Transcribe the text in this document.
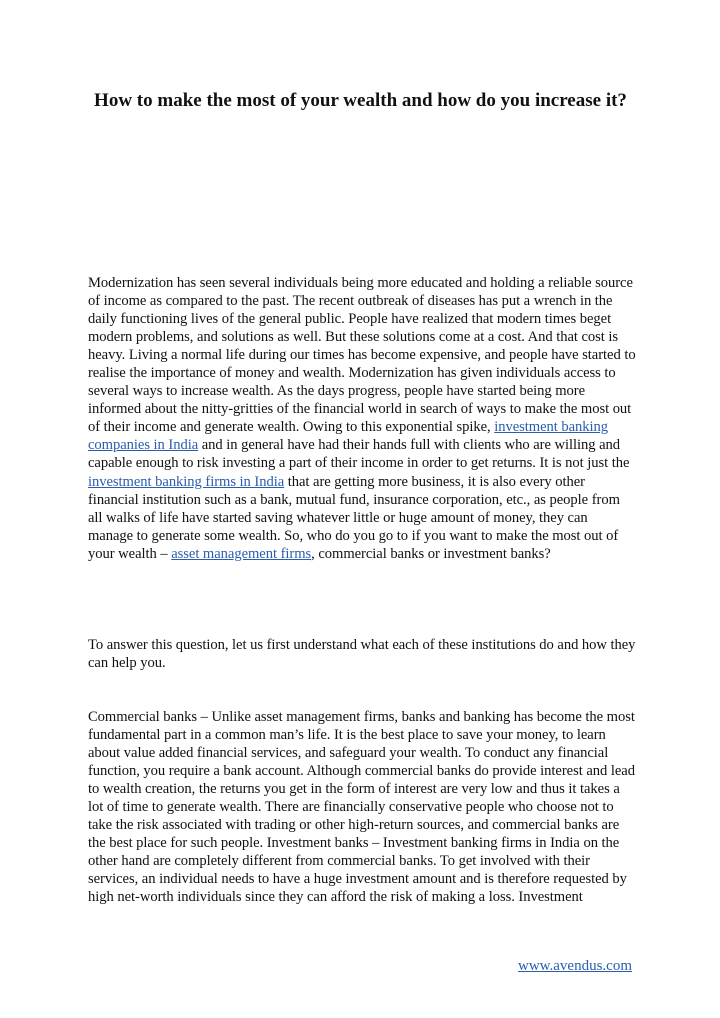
How to make the most of your wealth and how do you increase it?

Modernization has seen several individuals being more educated and holding a reliable source of income as compared to the past. The recent outbreak of diseases has put a wrench in the daily functioning lives of the general public. People have realized that modern times beget modern problems, and solutions as well. But these solutions come at a cost. And that cost is heavy. Living a normal life during our times has become expensive, and people have started to realise the importance of money and wealth. Modernization has given individuals access to several ways to increase wealth. As the days progress, people have started being more informed about the nitty-gritties of the financial world in search of ways to make the most out of their income and generate wealth. Owing to this exponential spike, investment banking companies in India and in general have had their hands full with clients who are willing and capable enough to risk investing a part of their income in order to get returns. It is not just the investment banking firms in India that are getting more business, it is also every other financial institution such as a bank, mutual fund, insurance corporation, etc., as people from all walks of life have started saving whatever little or huge amount of money, they can manage to generate some wealth. So, who do you go to if you want to make the most out of your wealth – asset management firms, commercial banks or investment banks?

To answer this question, let us first understand what each of these institutions do and how they can help you.

Commercial banks – Unlike asset management firms, banks and banking has become the most fundamental part in a common man’s life. It is the best place to save your money, to learn about value added financial services, and safeguard your wealth. To conduct any financial function, you require a bank account. Although commercial banks do provide interest and lead to wealth creation, the returns you get in the form of interest are very low and thus it takes a lot of time to generate wealth. There are financially conservative people who choose not to take the risk associated with trading or other high-return sources, and commercial banks are the best place for such people. Investment banks – Investment banking firms in India on the other hand are completely different from commercial banks. To get involved with their services, an individual needs to have a huge investment amount and is therefore requested by high net-worth individuals since they can afford the risk of making a loss. Investment

www.avendus.com
